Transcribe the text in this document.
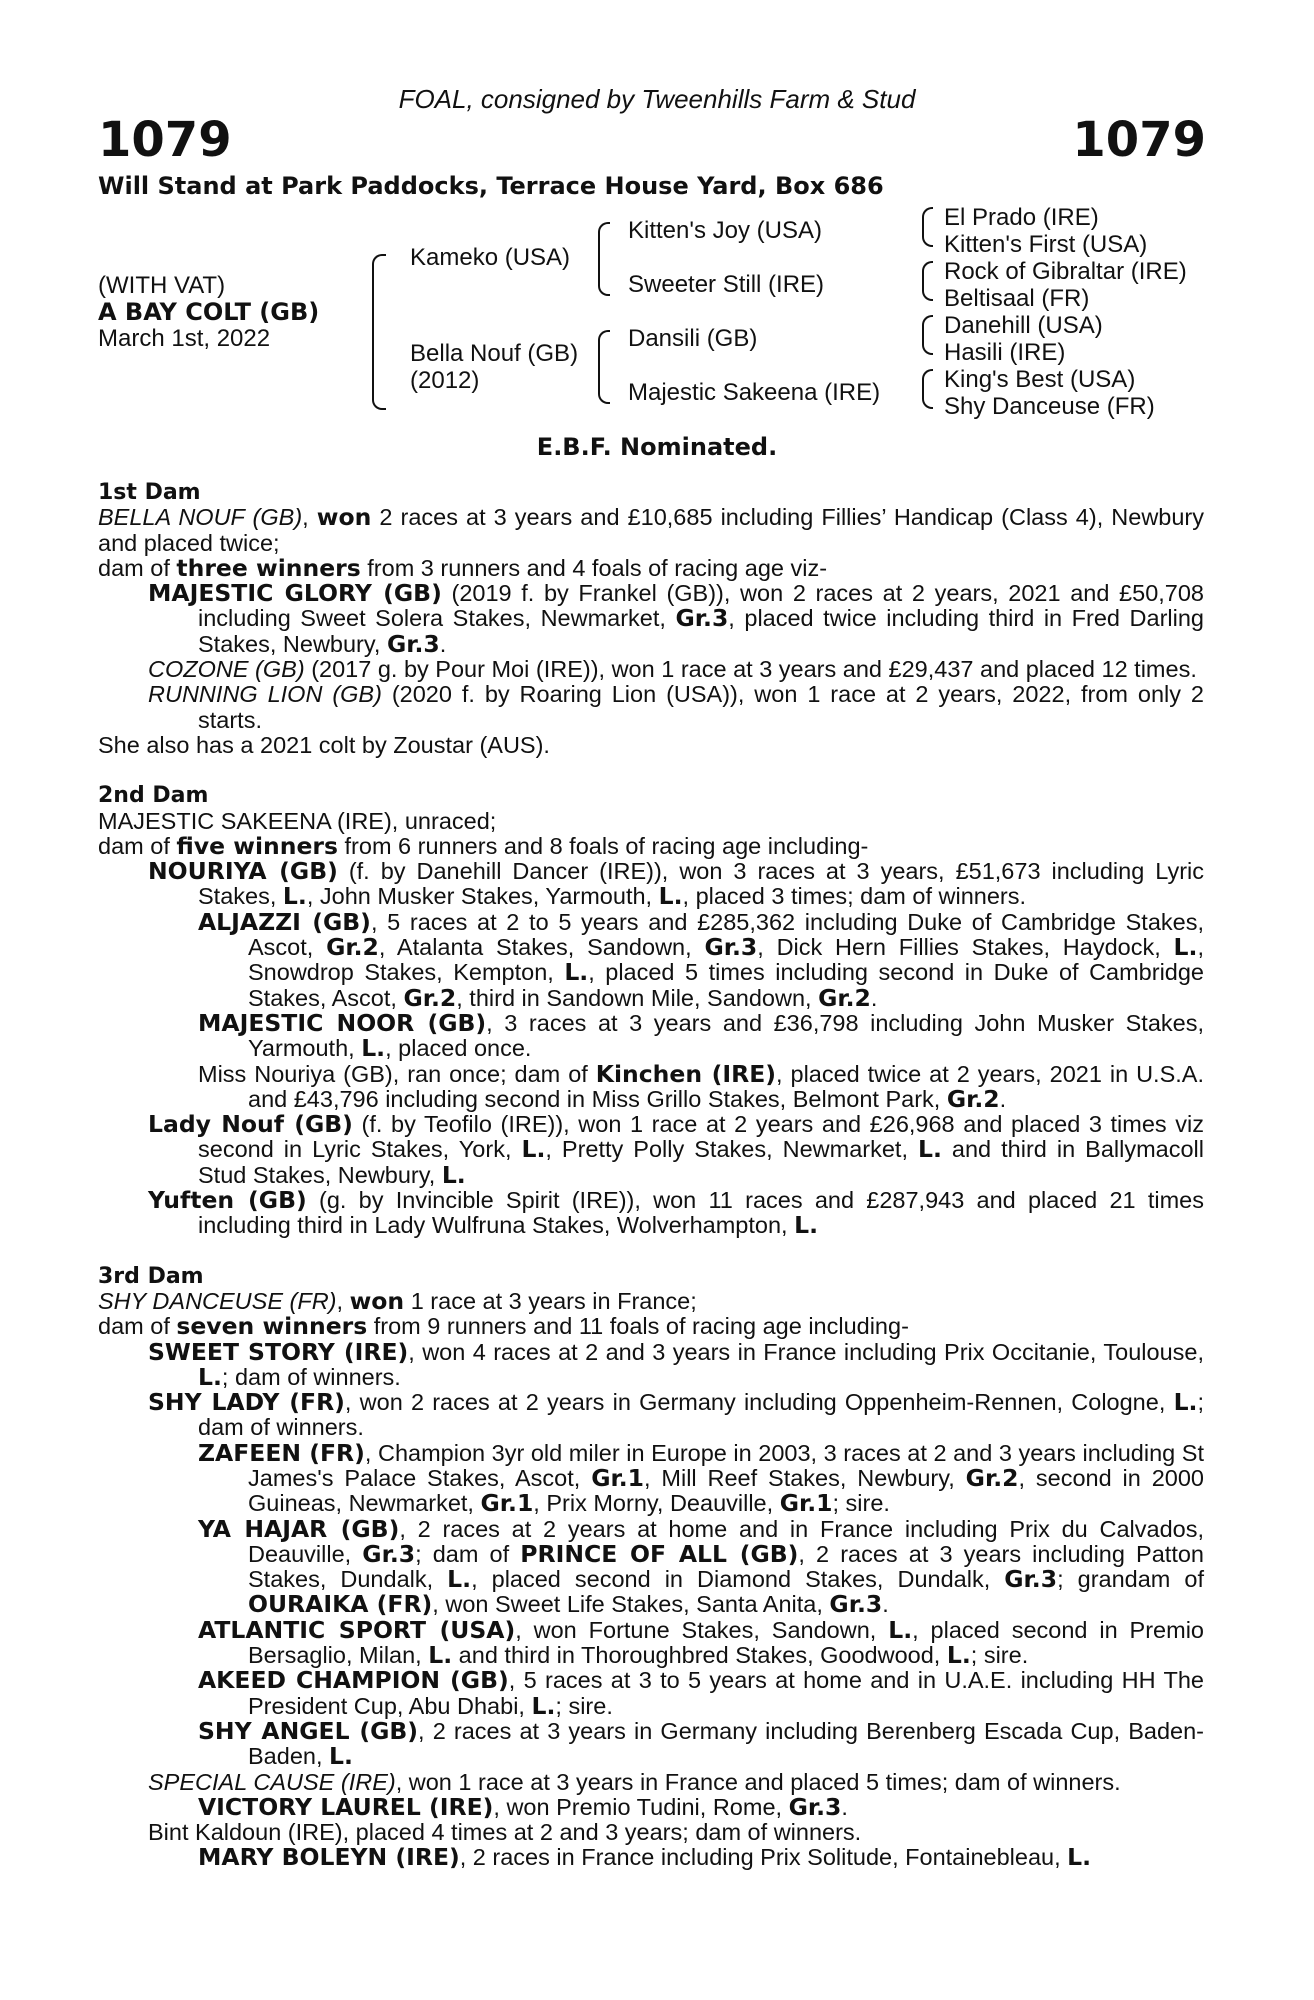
FOAL, consigned by Tweenhills Farm & Stud
1079	1079
Will Stand at Park Paddocks, Terrace House Yard, Box 686
(WITH VAT)
A BAY COLT (GB)
March 1st, 2022
Kameko (USA)
Bella Nouf (GB)
(2012)
Kitten's Joy (USA)
Sweeter Still (IRE)
Dansili (GB)
Majestic Sakeena (IRE)
El Prado (IRE)
Kitten's First (USA)
Rock of Gibraltar (IRE)
Beltisaal (FR)
Danehill (USA)
Hasili (IRE)
King's Best (USA)
Shy Danceuse (FR)
E.B.F. Nominated.

1st Dam

BELLA NOUF (GB), won 2 races at 3 years and £10,685 including Fillies’ Handicap (Class 4), Newbury and placed twice;

dam of three winners from 3 runners and 4 foals of racing age viz-

MAJESTIC GLORY (GB) (2019 f. by Frankel (GB)), won 2 races at 2 years, 2021 and £50,708 including Sweet Solera Stakes, Newmarket, Gr.3, placed twice including third in Fred Darling Stakes, Newbury, Gr.3.

COZONE (GB) (2017 g. by Pour Moi (IRE)), won 1 race at 3 years and £29,437 and placed 12 times.

RUNNING LION (GB) (2020 f. by Roaring Lion (USA)), won 1 race at 2 years, 2022, from only 2 starts.

She also has a 2021 colt by Zoustar (AUS).

2nd Dam

MAJESTIC SAKEENA (IRE), unraced;

dam of five winners from 6 runners and 8 foals of racing age including-

NOURIYA (GB) (f. by Danehill Dancer (IRE)), won 3 races at 3 years, £51,673 including Lyric Stakes, L., John Musker Stakes, Yarmouth, L., placed 3 times; dam of winners.

ALJAZZI (GB), 5 races at 2 to 5 years and £285,362 including Duke of Cambridge Stakes, Ascot, Gr.2, Atalanta Stakes, Sandown, Gr.3, Dick Hern Fillies Stakes, Haydock, L., Snowdrop Stakes, Kempton, L., placed 5 times including second in Duke of Cambridge Stakes, Ascot, Gr.2, third in Sandown Mile, Sandown, Gr.2.

MAJESTIC NOOR (GB), 3 races at 3 years and £36,798 including John Musker Stakes, Yarmouth, L., placed once.

Miss Nouriya (GB), ran once; dam of Kinchen (IRE), placed twice at 2 years, 2021 in U.S.A. and £43,796 including second in Miss Grillo Stakes, Belmont Park, Gr.2.

Lady Nouf (GB) (f. by Teofilo (IRE)), won 1 race at 2 years and £26,968 and placed 3 times viz second in Lyric Stakes, York, L., Pretty Polly Stakes, Newmarket, L. and third in Ballymacoll Stud Stakes, Newbury, L.

Yuften (GB) (g. by Invincible Spirit (IRE)), won 11 races and £287,943 and placed 21 times including third in Lady Wulfruna Stakes, Wolverhampton, L.

3rd Dam

SHY DANCEUSE (FR), won 1 race at 3 years in France;

dam of seven winners from 9 runners and 11 foals of racing age including-

SWEET STORY (IRE), won 4 races at 2 and 3 years in France including Prix Occitanie, Toulouse, L.; dam of winners.

SHY LADY (FR), won 2 races at 2 years in Germany including Oppenheim-Rennen, Cologne, L.; dam of winners.

ZAFEEN (FR), Champion 3yr old miler in Europe in 2003, 3 races at 2 and 3 years including St James's Palace Stakes, Ascot, Gr.1, Mill Reef Stakes, Newbury, Gr.2, second in 2000 Guineas, Newmarket, Gr.1, Prix Morny, Deauville, Gr.1; sire.

YA HAJAR (GB), 2 races at 2 years at home and in France including Prix du Calvados, Deauville, Gr.3; dam of PRINCE OF ALL (GB), 2 races at 3 years including Patton Stakes, Dundalk, L., placed second in Diamond Stakes, Dundalk, Gr.3; grandam of OURAIKA (FR), won Sweet Life Stakes, Santa Anita, Gr.3.

ATLANTIC SPORT (USA), won Fortune Stakes, Sandown, L., placed second in Premio Bersaglio, Milan, L. and third in Thoroughbred Stakes, Goodwood, L.; sire.

AKEED CHAMPION (GB), 5 races at 3 to 5 years at home and in U.A.E. including HH The President Cup, Abu Dhabi, L.; sire.

SHY ANGEL (GB), 2 races at 3 years in Germany including Berenberg Escada Cup, Baden-Baden, L.

SPECIAL CAUSE (IRE), won 1 race at 3 years in France and placed 5 times; dam of winners.

VICTORY LAUREL (IRE), won Premio Tudini, Rome, Gr.3.

Bint Kaldoun (IRE), placed 4 times at 2 and 3 years; dam of winners.

MARY BOLEYN (IRE), 2 races in France including Prix Solitude, Fontainebleau, L.
